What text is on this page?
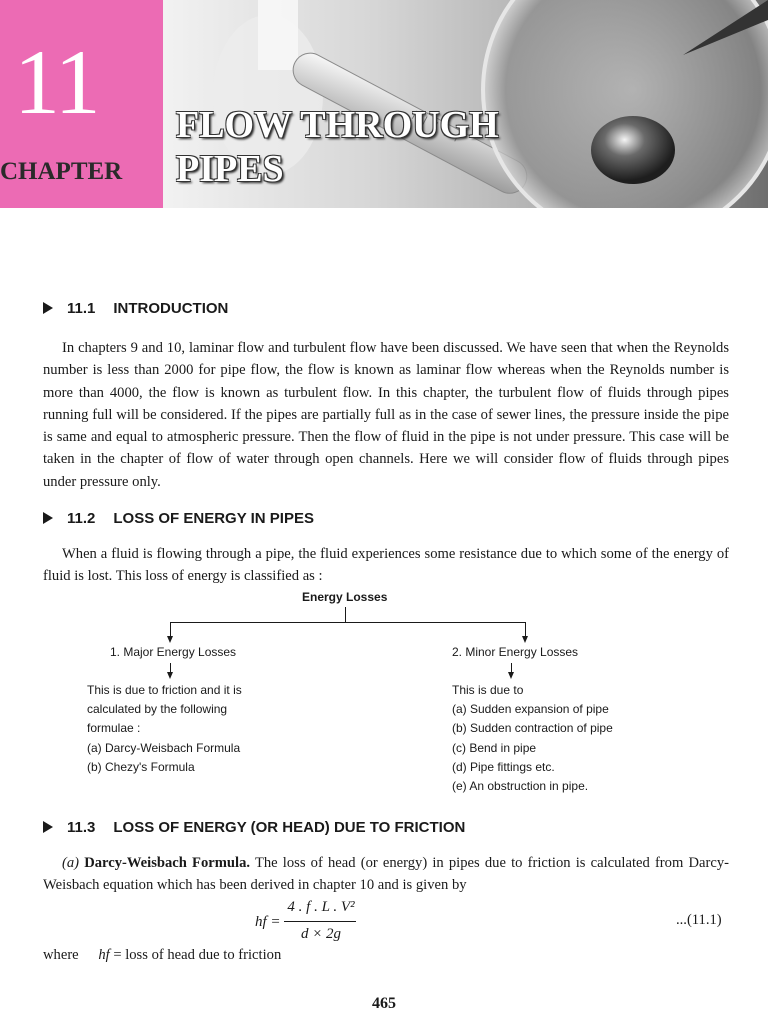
11
CHAPTER
FLOW THROUGH
PIPES
11.1 INTRODUCTION
In chapters 9 and 10, laminar flow and turbulent flow have been discussed. We have seen that when the Reynolds number is less than 2000 for pipe flow, the flow is known as laminar flow whereas when the Reynolds number is more than 4000, the flow is known as turbulent flow. In this chapter, the turbulent flow of fluids through pipes running full will be considered. If the pipes are partially full as in the case of sewer lines, the pressure inside the pipe is same and equal to atmospheric pressure. Then the flow of fluid in the pipe is not under pressure. This case will be taken in the chapter of flow of water through open channels. Here we will consider flow of fluids through pipes under pressure only.
11.2 LOSS OF ENERGY IN PIPES
When a fluid is flowing through a pipe, the fluid experiences some resistance due to which some of the energy of fluid is lost. This loss of energy is classified as :
Energy Losses
1. Major Energy Losses	2. Minor Energy Losses
This is due to friction and it is
calculated by the following
formulae :
(a) Darcy-Weisbach Formula
(b) Chezy's Formula
This is due to
(a) Sudden expansion of pipe
(b) Sudden contraction of pipe
(c) Bend in pipe
(d) Pipe fittings etc.
(e) An obstruction in pipe.
11.3 LOSS OF ENERGY (OR HEAD) DUE TO FRICTION
(a) Darcy-Weisbach Formula. The loss of head (or energy) in pipes due to friction is calculated from Darcy-Weisbach equation which has been derived in chapter 10 and is given by
hf =
4 . f . L . V²
d × 2g
...(11.1)
where hf = loss of head due to friction
465
